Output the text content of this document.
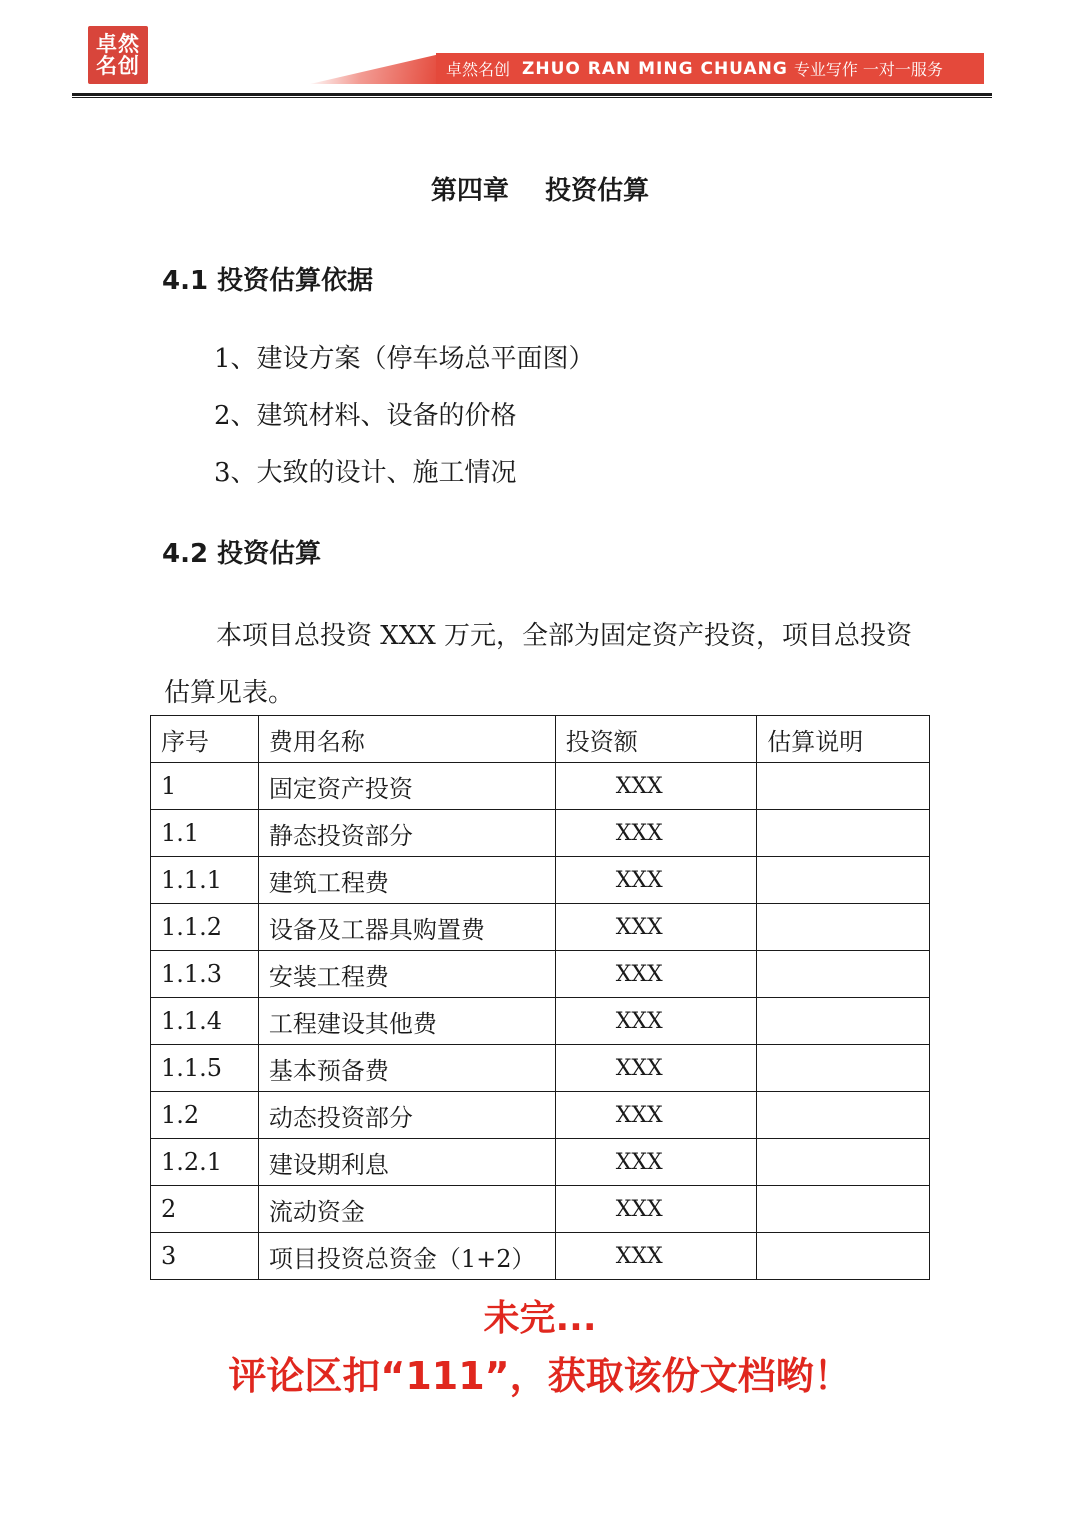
卓然
名创	卓然名创 ZHUO RAN MING CHUANG 专业写作 一对一服务
第四章    投资估算
4.1 投资估算依据
1、建设方案（停车场总平面图）
2、建筑材料、设备的价格
3、大致的设计、施工情况
4.2 投资估算
本项目总投资 XXX 万元，全部为固定资产投资，项目总投资估算见表。
序号	费用名称	投资额	估算说明
1	固定资产投资	XXX	
1.1	静态投资部分	XXX	
1.1.1	建筑工程费	XXX	
1.1.2	设备及工器具购置费	XXX	
1.1.3	安装工程费	XXX	
1.1.4	工程建设其他费	XXX	
1.1.5	基本预备费	XXX	
1.2	动态投资部分	XXX	
1.2.1	建设期利息	XXX	
2	流动资金	XXX	
3	项目投资总资金（1+2）	XXX	
未完...
评论区扣“111”，获取该份文档哟！
